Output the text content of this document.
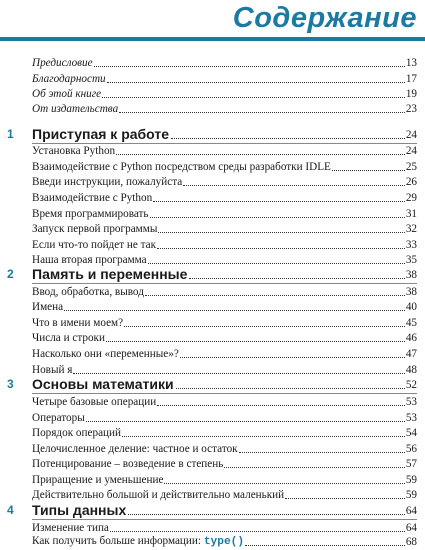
Содержание
Предисловие	13
Благодарности	17
Об этой книге	19
От издательства	23
1	Приступая к работе	24
Установка Python	24
Взаимодействие с Python посредством среды разработки IDLE	25
Введи инструкции, пожалуйста	26
Взаимодействие с Python	29
Время программировать	31
Запуск первой программы	32
Если что-то пойдет не так	33
Наша вторая программа	35
2	Память и переменные	38
Ввод, обработка, вывод	38
Имена	40
Что в имени моем?	45
Числа и строки	46
Насколько они «переменные»?	47
Новый я	48
3	Основы математики	52
Четыре базовые операции	53
Операторы	53
Порядок операций	54
Целочисленное деление: частное и остаток	56
Потенцирование – возведение в степень	57
Приращение и уменьшение	59
Действительно большой и действительно маленький	59
4	Типы данных	64
Изменение типа	64
Как получить больше информации: type()	68
